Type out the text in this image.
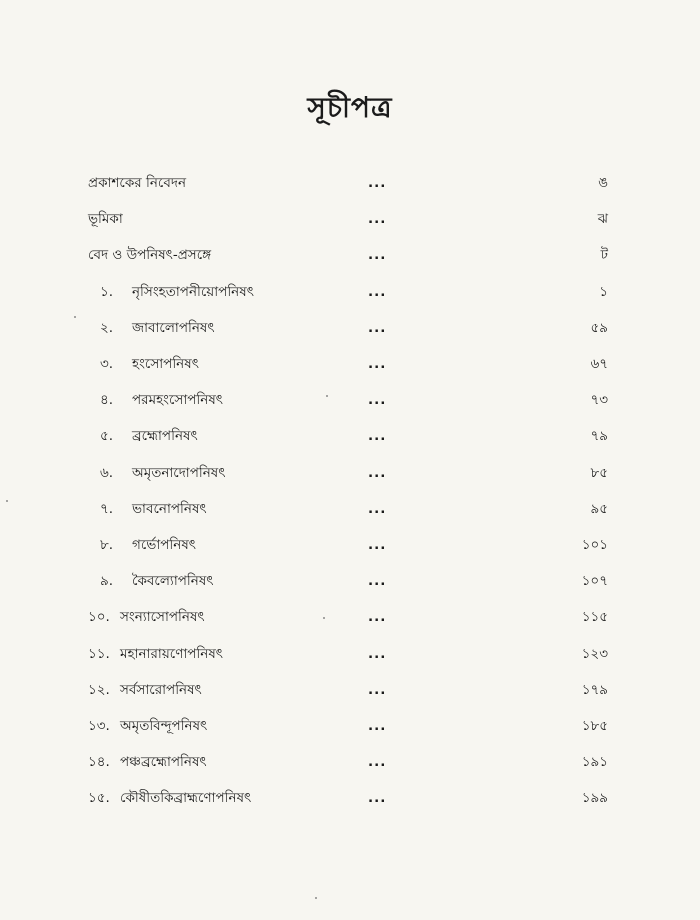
সূচীপত্র
প্রকাশকের নিবেদন	...	ঙ
ভূমিকা	...	ঝ
বেদ ও উপনিষৎ-প্রসঙ্গে	...	ট
১. নৃসিংহতাপনীয়োপনিষৎ	...	১
২. জাবালোপনিষৎ	...	৫৯
৩. হংসোপনিষৎ	...	৬৭
৪. পরমহংসোপনিষৎ	...	৭৩
৫. ব্রহ্মোপনিষৎ	...	৭৯
৬. অমৃতনাদোপনিষৎ	...	৮৫
৭. ভাবনোপনিষৎ	...	৯৫
৮. গর্ভোপনিষৎ	...	১০১
৯. কৈবল্যোপনিষৎ	...	১০৭
১০. সংন্যাসোপনিষৎ	...	১১৫
১১. মহানারায়ণোপনিষৎ	...	১২৩
১২. সর্বসারোপনিষৎ	...	১৭৯
১৩. অমৃতবিন্দূপনিষৎ	...	১৮৫
১৪. পঞ্চব্রহ্মোপনিষৎ	...	১৯১
১৫. কৌষীতকিব্রাহ্মণোপনিষৎ	...	১৯৯
